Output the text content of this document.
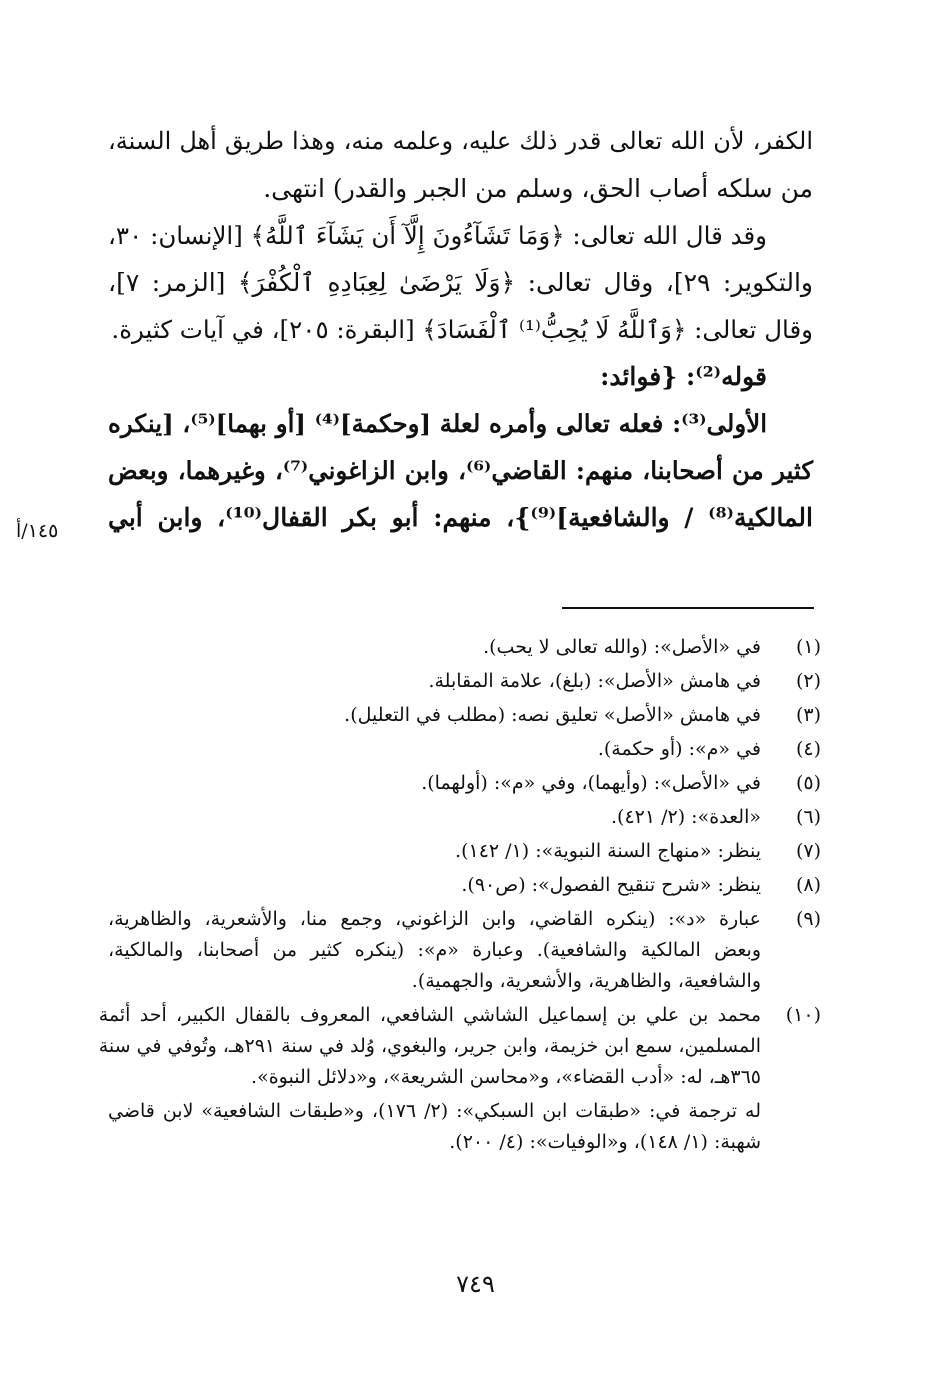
الكفر، لأن الله تعالى قدر ذلك عليه، وعلمه منه، وهذا طريق أهل السنة،
من سلكه أصاب الحق، وسلم من الجبر والقدر) انتهى.
وقد قال الله تعالى: ﴿وَمَا تَشَآءُونَ إِلَّآ أَن يَشَآءَ ٱللَّهُ﴾ [الإنسان: ٣٠،
والتكوير: ٢٩]، وقال تعالى: ﴿وَلَا يَرْضَىٰ لِعِبَادِهِ ٱلْكُفْرَ﴾ [الزمر: ٧]،
وقال تعالى: ﴿وَٱللَّهُ لَا يُحِبُّ⁽¹⁾ ٱلْفَسَادَ﴾ [البقرة: ٢٠٥]، في آيات كثيرة.
قوله⁽²⁾: {فوائد:
الأولى⁽³⁾: فعله تعالى وأمره لعلة [وحكمة]⁽⁴⁾ [أو بهما]⁽⁵⁾، [ينكره
كثير من أصحابنا، منهم: القاضي⁽⁶⁾، وابن الزاغوني⁽⁷⁾، وغيرهما، وبعض
المالكية⁽⁸⁾ / والشافعية]⁽⁹⁾}، منهم: أبو بكر القفال⁽¹⁰⁾، وابن أبي
١٤٥/أ
(١)
في «الأصل»: (والله تعالى لا يحب).
(٢)
في هامش «الأصل»: (بلغ)، علامة المقابلة.
(٣)
في هامش «الأصل» تعليق نصه: (مطلب في التعليل).
(٤)
في «م»: (أو حكمة).
(٥)
في «الأصل»: (وأيهما)، وفي «م»: (أولهما).
(٦)
«العدة»: (٢/ ٤٢١).
(٧)
ينظر: «منهاج السنة النبوية»: (١/ ١٤٢).
(٨)
ينظر: «شرح تنقيح الفصول»: (ص٩٠).
(٩)
عبارة «د»: (ينكره القاضي، وابن الزاغوني، وجمع منا، والأشعرية، والظاهرية،
وبعض المالكية والشافعية). وعبارة «م»: (ينكره كثير من أصحابنا، والمالكية،
والشافعية، والظاهرية، والأشعرية، والجهمية).
(١٠)
محمد بن علي بن إسماعيل الشاشي الشافعي، المعروف بالقفال الكبير، أحد أئمة
المسلمين، سمع ابن خزيمة، وابن جرير، والبغوي، وُلد في سنة ٢٩١هـ، وتُوفي في سنة
٣٦٥هـ، له: «أدب القضاء»، و«محاسن الشريعة»، و«دلائل النبوة».
له ترجمة في: «طبقات ابن السبكي»: (٢/ ١٧٦)، و«طبقات الشافعية» لابن قاضي
شهبة: (١/ ١٤٨)، و«الوفيات»: (٤/ ٢٠٠).
٧٤٩
